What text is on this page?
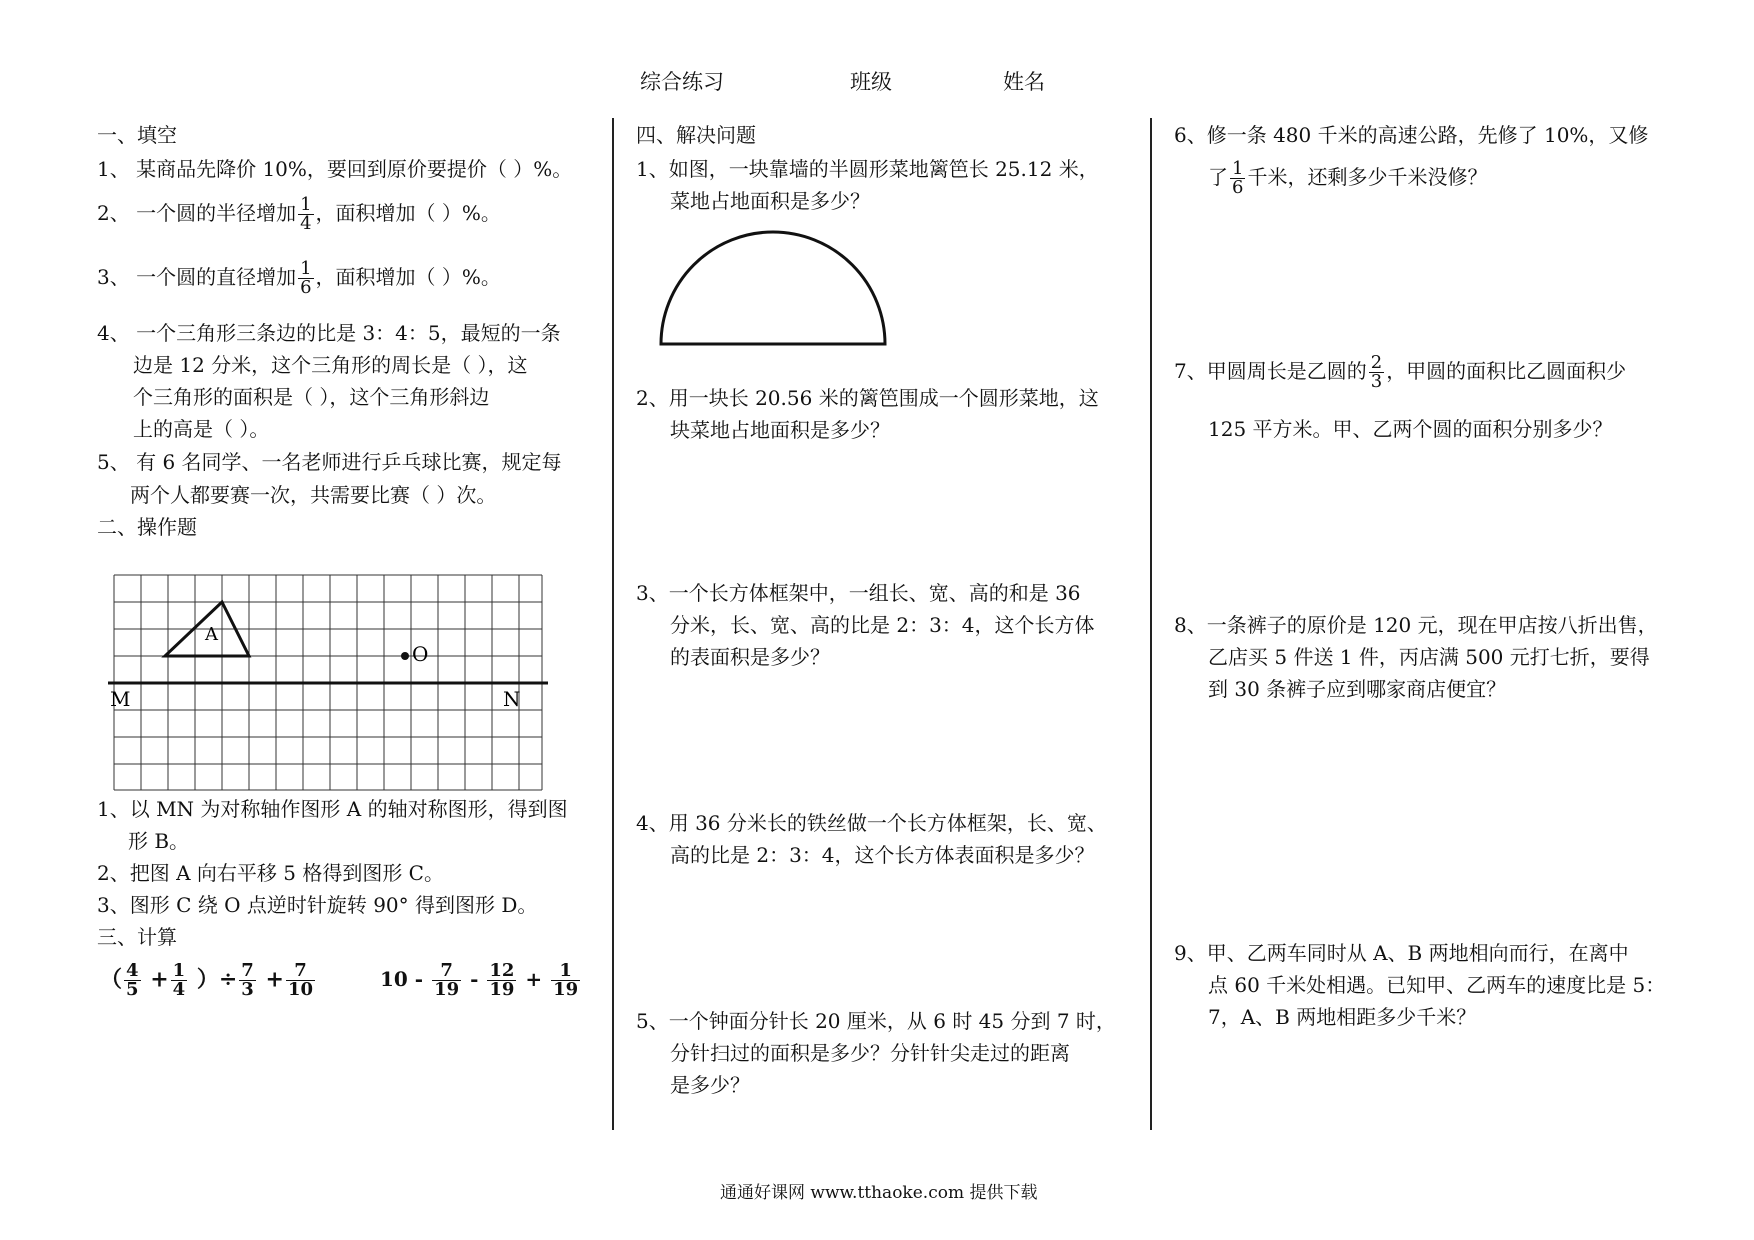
综合练习	班级	姓名
一、填空
1、 某商品先降价 10%，要回到原价要提价（ ）%。
2、 一个圆的半径增加 $\frac{1}{4}$ ，面积增加（ ）%。
3、 一个圆的直径增加 $\frac{1}{6}$ ，面积增加（ ）%。
4、 一个三角形三条边的比是 3：4：5，最短的一条
边是 12 分米，这个三角形的周长是（ ），这
个三角形的面积是（ ），这个三角形斜边
上的高是（ ）。
5、 有 6 名同学、一名老师进行乒乓球比赛，规定每
两个人都要赛一次，共需要比赛（ ）次。
二、操作题
A
O
M	N
1、以 MN 为对称轴作图形 A 的轴对称图形，得到图
形 B。
2、把图 A 向右平移 5 格得到图形 C。
3、图形 C 绕 O 点逆时针旋转 90° 得到图形 D。
三、计算
（ $\frac{4}{5} + \frac{1}{4}$ ）÷ $\frac{7}{3} + \frac{7}{10}$	$10 - \frac{7}{19} - \frac{12}{19} + \frac{1}{19}$
四、解决问题
1、如图，一块靠墙的半圆形菜地篱笆长 25.12 米，
菜地占地面积是多少？
2、用一块长 20.56 米的篱笆围成一个圆形菜地，这
块菜地占地面积是多少？
3、一个长方体框架中，一组长、宽、高的和是 36
分米，长、宽、高的比是 2：3：4，这个长方体
的表面积是多少？
4、用 36 分米长的铁丝做一个长方体框架，长、宽、
高的比是 2：3：4，这个长方体表面积是多少？
5、一个钟面分针长 20 厘米，从 6 时 45 分到 7 时，
分针扫过的面积是多少？分针针尖走过的距离
是多少？
6、修一条 480 千米的高速公路，先修了 10%，又修
了 $\frac{1}{6}$ 千米，还剩多少千米没修？
7、甲圆周长是乙圆的 $\frac{2}{3}$ ，甲圆的面积比乙圆面积少
125 平方米。甲、乙两个圆的面积分别多少？
8、一条裤子的原价是 120 元，现在甲店按八折出售，
乙店买 5 件送 1 件，丙店满 500 元打七折，要得
到 30 条裤子应到哪家商店便宜？
9、甲、乙两车同时从 A、B 两地相向而行，在离中
点 60 千米处相遇。已知甲、乙两车的速度比是 5：
7，A、B 两地相距多少千米？
通通好课网 www.tthaoke.com 提供下载
